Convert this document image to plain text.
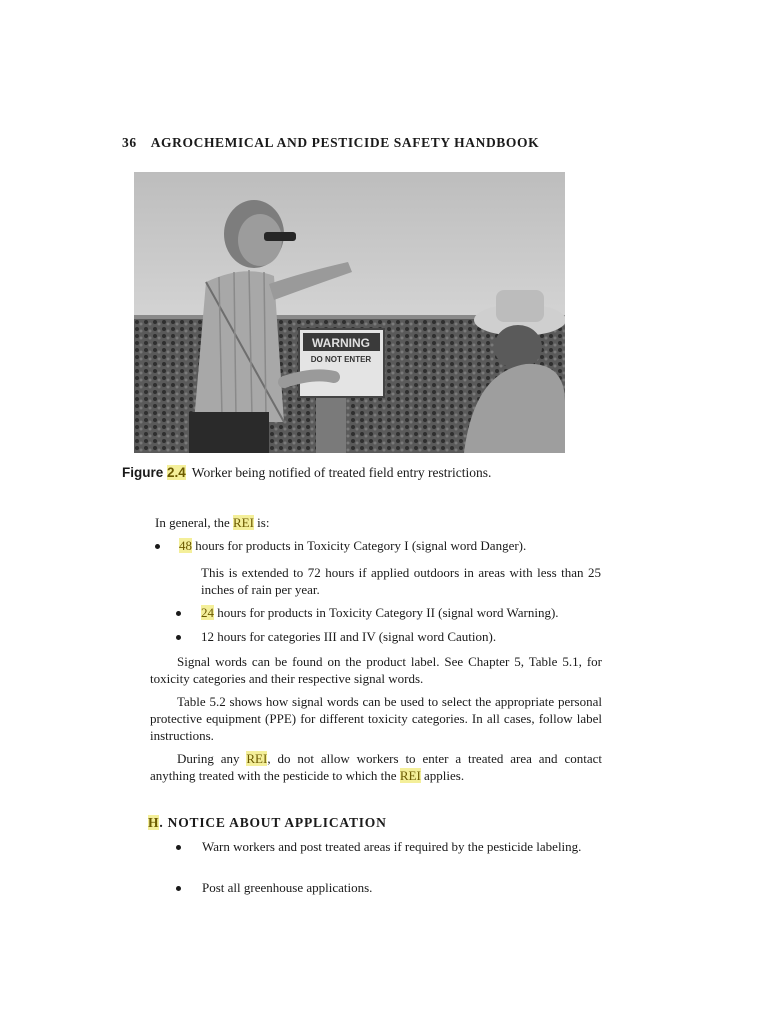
36 AGROCHEMICAL AND PESTICIDE SAFETY HANDBOOK
WARNING
DO NOT ENTER
Figure 2.4 Worker being notified of treated field entry restrictions.
In general, the REI is:
48 hours for products in Toxicity Category I (signal word Danger).
This is extended to 72 hours if applied outdoors in areas with less than 25 inches of rain per year.
24 hours for products in Toxicity Category II (signal word Warning).
12 hours for categories III and IV (signal word Caution).
Signal words can be found on the product label. See Chapter 5, Table 5.1, for toxicity categories and their respective signal words.
Table 5.2 shows how signal words can be used to select the appropriate personal protective equipment (PPE) for different toxicity categories. In all cases, follow label instructions.
During any REI, do not allow workers to enter a treated area and contact anything treated with the pesticide to which the REI applies.
H. NOTICE ABOUT APPLICATION
Warn workers and post treated areas if required by the pesticide labeling.
Post all greenhouse applications.
